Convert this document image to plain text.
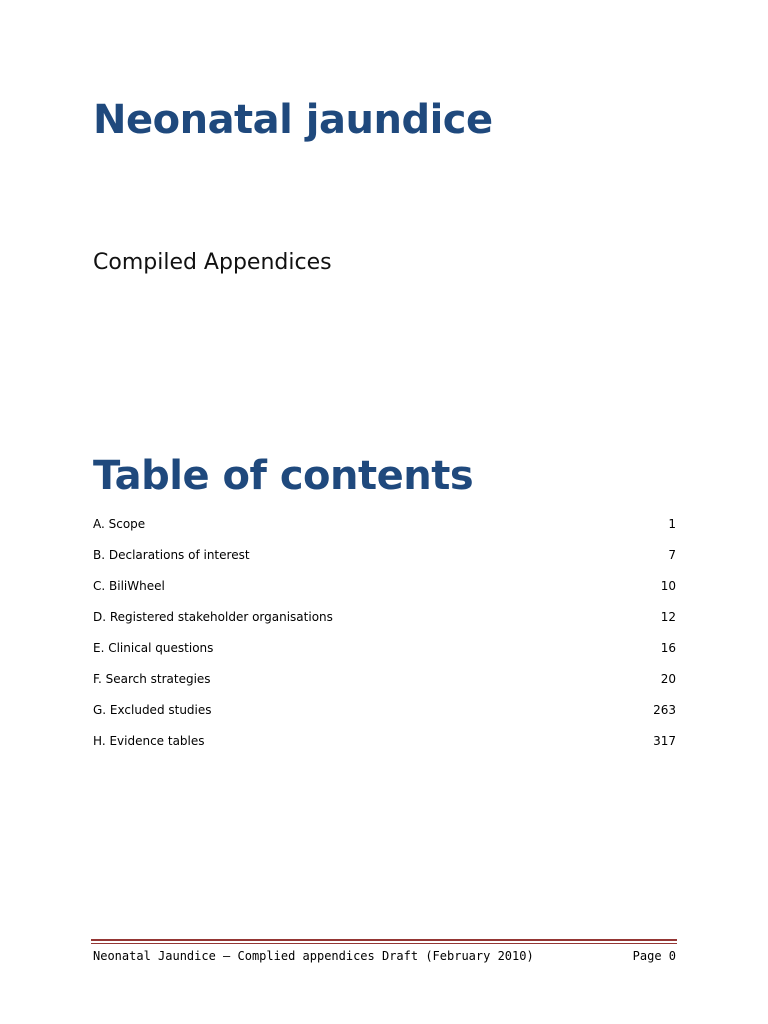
Neonatal jaundice

Compiled Appendices

Table of contents
A. Scope	1
B. Declarations of interest	7
C. BiliWheel	10
D. Registered stakeholder organisations	12
E. Clinical questions	16
F. Search strategies	20
G. Excluded studies	263
H. Evidence tables	317
Neonatal Jaundice – Complied appendices Draft (February 2010)	Page 0
